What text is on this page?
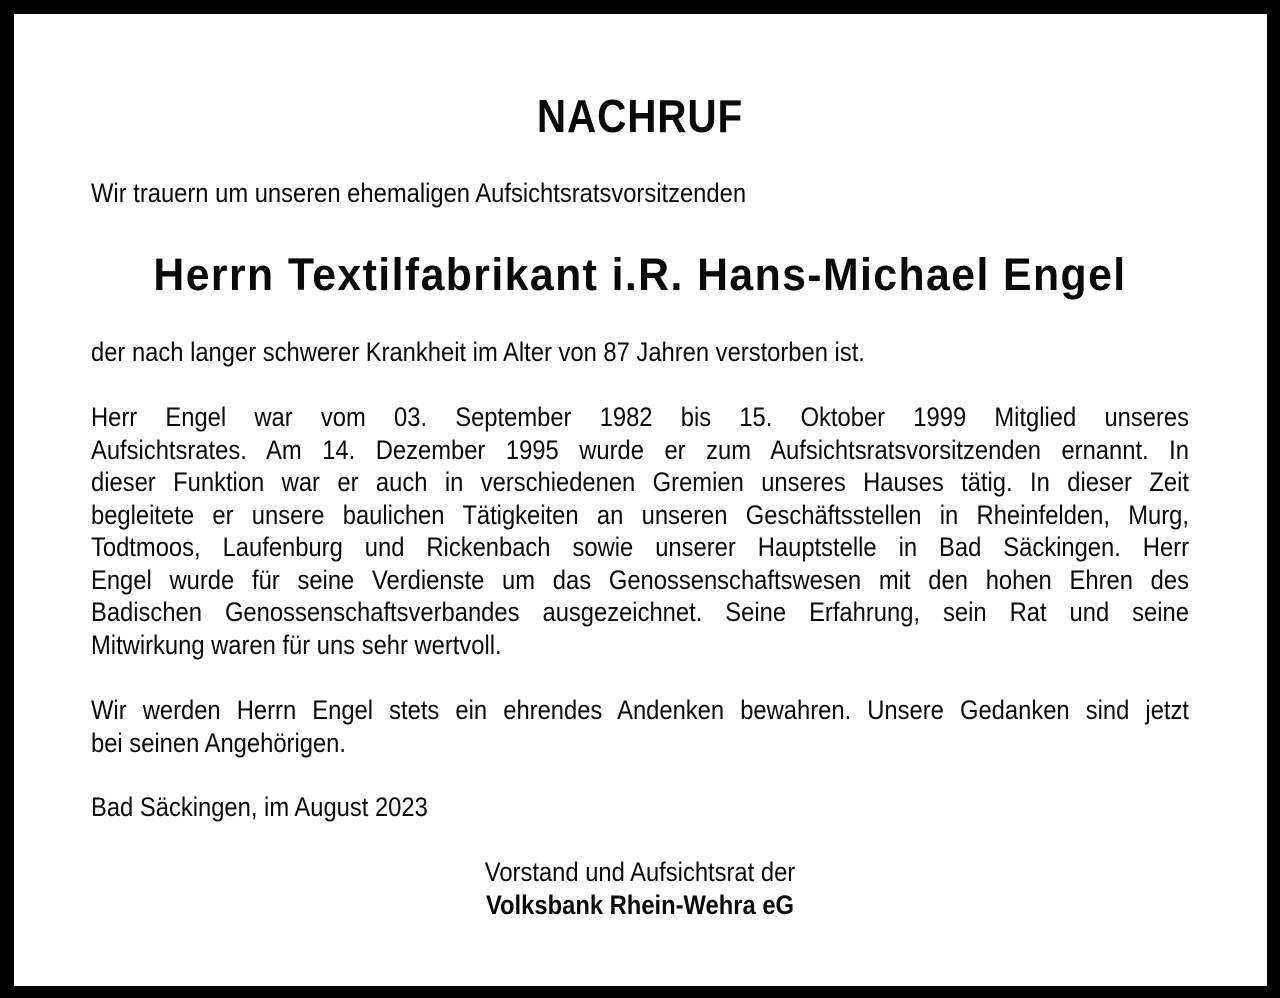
NACHRUF
Wir trauern um unseren ehemaligen Aufsichtsratsvorsitzenden
Herrn Textilfabrikant i.R. Hans-Michael Engel
der nach langer schwerer Krankheit im Alter von 87 Jahren verstorben ist.
Herr Engel war vom 03. September 1982 bis 15. Oktober 1999 Mitglied unseres
Aufsichtsrates. Am 14. Dezember 1995 wurde er zum Aufsichtsratsvorsitzenden ernannt. In
dieser Funktion war er auch in verschiedenen Gremien unseres Hauses tätig. In dieser Zeit
begleitete er unsere baulichen Tätigkeiten an unseren Geschäftsstellen in Rheinfelden, Murg,
Todtmoos, Laufenburg und Rickenbach sowie unserer Hauptstelle in Bad Säckingen. Herr
Engel wurde für seine Verdienste um das Genossenschaftswesen mit den hohen Ehren des
Badischen Genossenschaftsverbandes ausgezeichnet. Seine Erfahrung, sein Rat und seine
Mitwirkung waren für uns sehr wertvoll.
Wir werden Herrn Engel stets ein ehrendes Andenken bewahren. Unsere Gedanken sind jetzt
bei seinen Angehörigen.
Bad Säckingen, im August 2023
Vorstand und Aufsichtsrat der
Volksbank Rhein-Wehra eG
